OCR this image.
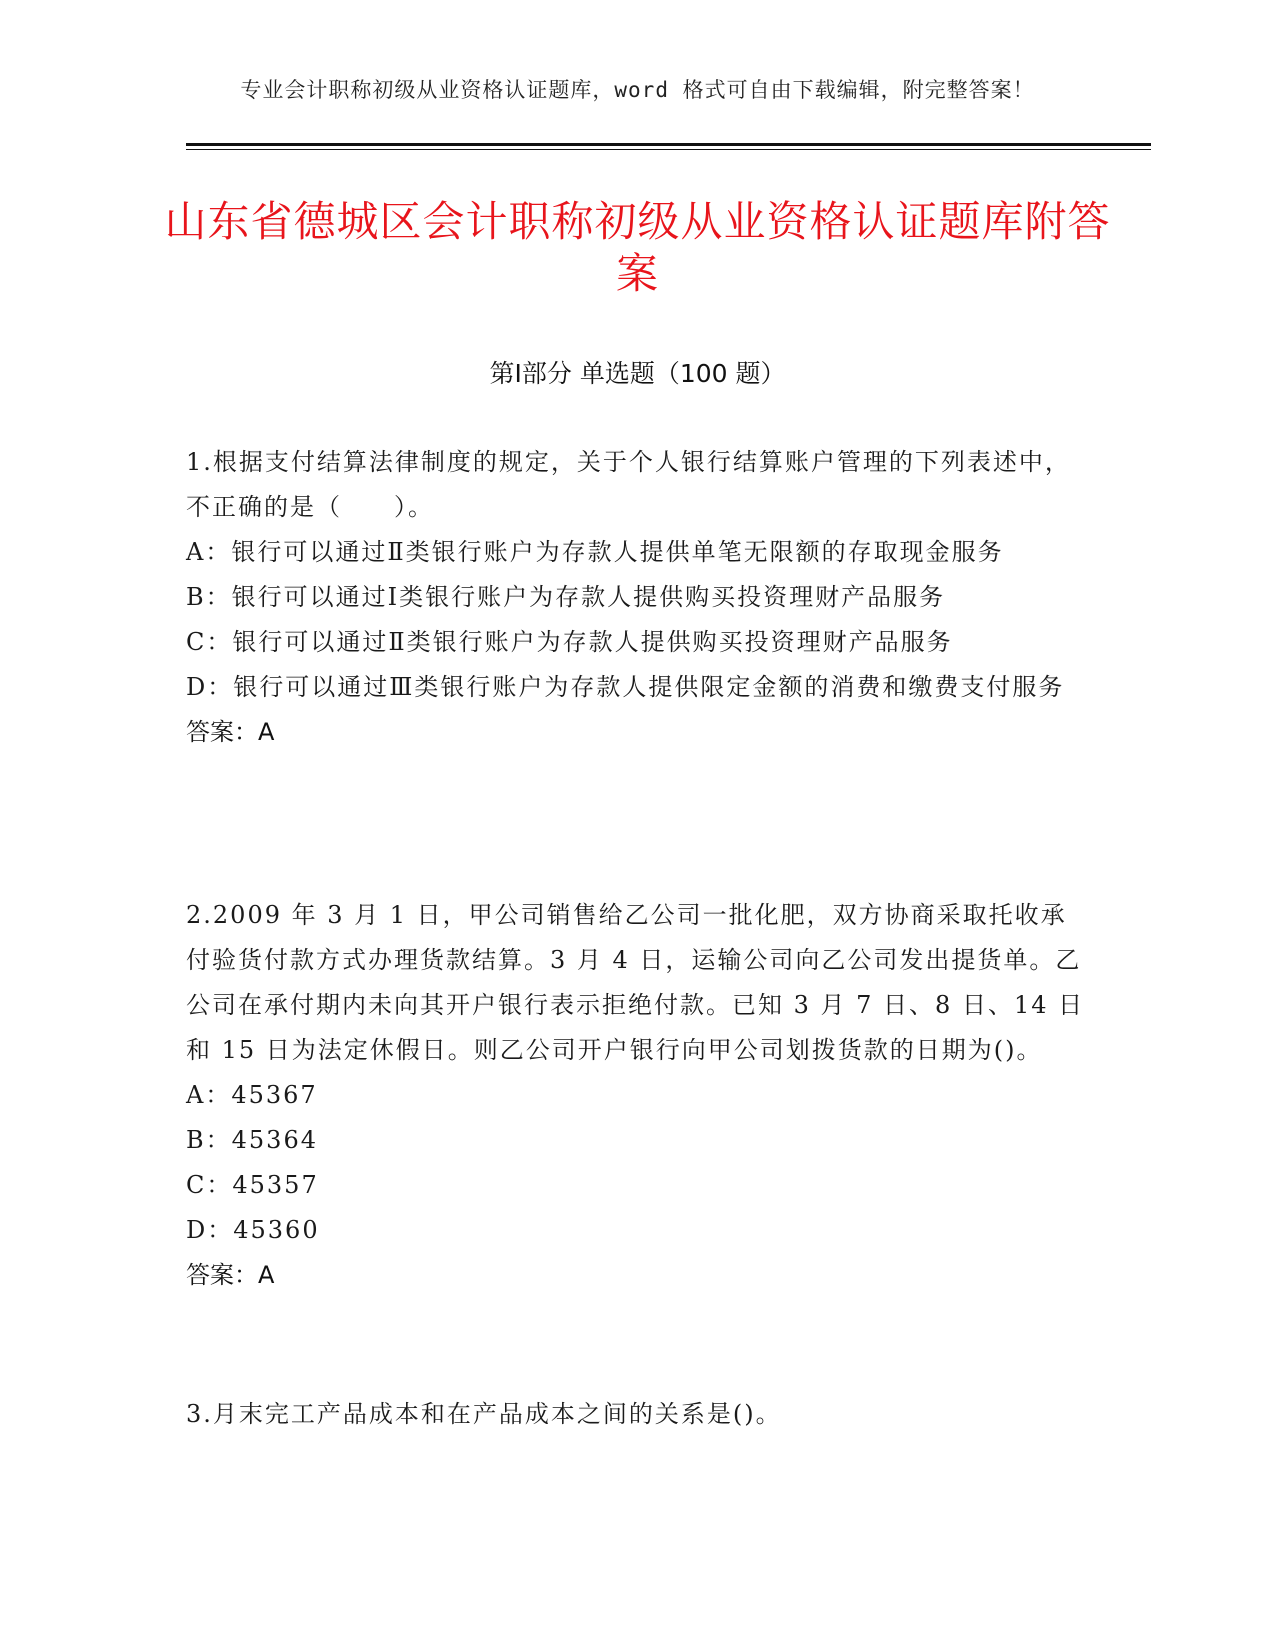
专业会计职称初级从业资格认证题库，word 格式可自由下载编辑，附完整答案！
山东省德城区会计职称初级从业资格认证题库附答案
第Ⅰ部分 单选题（100 题）
1.根据支付结算法律制度的规定，关于个人银行结算账户管理的下列表述中，不正确的是（　　）。
A：银行可以通过Ⅱ类银行账户为存款人提供单笔无限额的存取现金服务
B：银行可以通过Ⅰ类银行账户为存款人提供购买投资理财产品服务
C：银行可以通过Ⅱ类银行账户为存款人提供购买投资理财产品服务
D：银行可以通过Ⅲ类银行账户为存款人提供限定金额的消费和缴费支付服务
答案：A
2.2009 年 3 月 1 日，甲公司销售给乙公司一批化肥，双方协商采取托收承付验货付款方式办理货款结算。3 月 4 日，运输公司向乙公司发出提货单。乙公司在承付期内未向其开户银行表示拒绝付款。已知 3 月 7 日、8 日、14 日和 15 日为法定休假日。则乙公司开户银行向甲公司划拨货款的日期为()。
A：45367
B：45364
C：45357
D：45360
答案：A
3.月末完工产品成本和在产品成本之间的关系是()。
